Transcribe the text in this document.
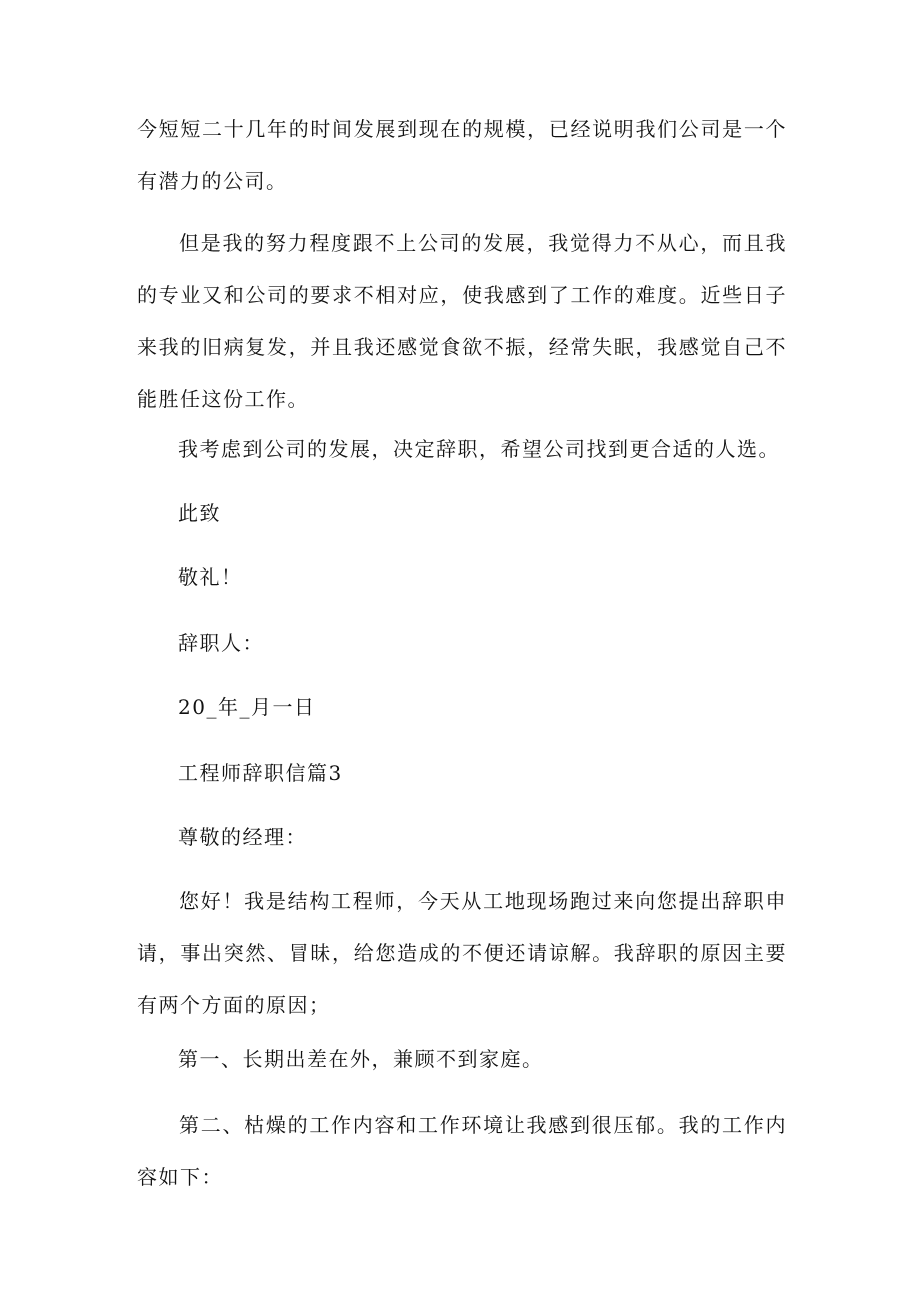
今短短二十几年的时间发展到现在的规模，已经说明我们公司是一个有潜力的公司。

但是我的努力程度跟不上公司的发展，我觉得力不从心，而且我的专业又和公司的要求不相对应，使我感到了工作的难度。近些日子来我的旧病复发，并且我还感觉食欲不振，经常失眠，我感觉自己不能胜任这份工作。

我考虑到公司的发展，决定辞职，希望公司找到更合适的人选。

此致

敬礼！

辞职人：

20_年_月一日

工程师辞职信篇3

尊敬的经理：

您好！我是结构工程师，今天从工地现场跑过来向您提出辞职申请，事出突然、冒昧，给您造成的不便还请谅解。我辞职的原因主要有两个方面的原因；

第一、长期出差在外，兼顾不到家庭。

第二、枯燥的工作内容和工作环境让我感到很压郁。我的工作内容如下：
